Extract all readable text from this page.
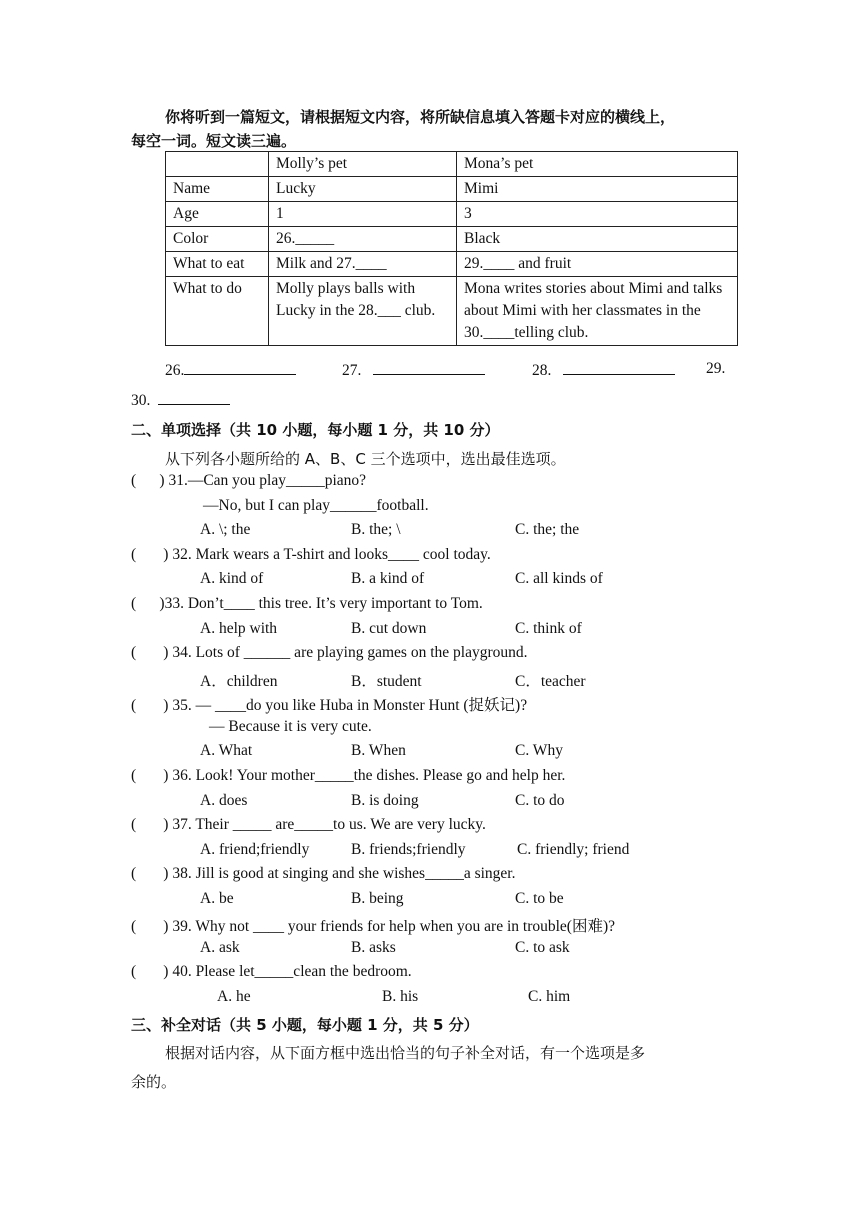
你将听到一篇短文，请根据短文内容，将所缺信息填入答题卡对应的横线上，
每空一词。短文读三遍。
	Molly’s pet	Mona’s pet
Name	Lucky	Mimi
Age	1	3
Color	26._____	Black
What to eat	Milk and 27.____	29.____ and fruit
What to do	Molly plays balls with Lucky in the 28.___ club.	Mona writes stories about Mimi and talks about Mimi with her classmates in the 30.____telling club.
26.	27.	28.	29.
30.
二、单项选择（共 10 小题，每小题 1 分，共 10 分）
从下列各小题所给的 A、B、C 三个选项中，选出最佳选项。
( ) 31.—Can you play_____piano?
—No, but I can play______football.
A. \; the	B. the; \	C. the; the
( ) 32. Mark wears a T-shirt and looks____ cool today.
A. kind of	B. a kind of	C. all kinds of
( )33. Don’t____ this tree. It’s very important to Tom.
A. help with	B. cut down	C. think of
( ) 34. Lots of ______ are playing games on the playground.
A．children	B．student	C．teacher
( ) 35. — ____do you like Huba in Monster Hunt (捉妖记)?
— Because it is very cute.
A. What	B. When	C. Why
( ) 36. Look! Your mother_____the dishes. Please go and help her.
A. does	B. is doing	C. to do
( ) 37. Their _____ are_____to us. We are very lucky.
A. friend;friendly	B. friends;friendly	C. friendly; friend
( ) 38. Jill is good at singing and she wishes_____a singer.
A. be	B. being	C. to be
( ) 39. Why not ____ your friends for help when you are in trouble(困难)?
A. ask	B. asks	C. to ask
( ) 40. Please let_____clean the bedroom.
A. he	B. his	C. him
三、补全对话（共 5 小题，每小题 1 分，共 5 分）
根据对话内容，从下面方框中选出恰当的句子补全对话，有一个选项是多
余的。
